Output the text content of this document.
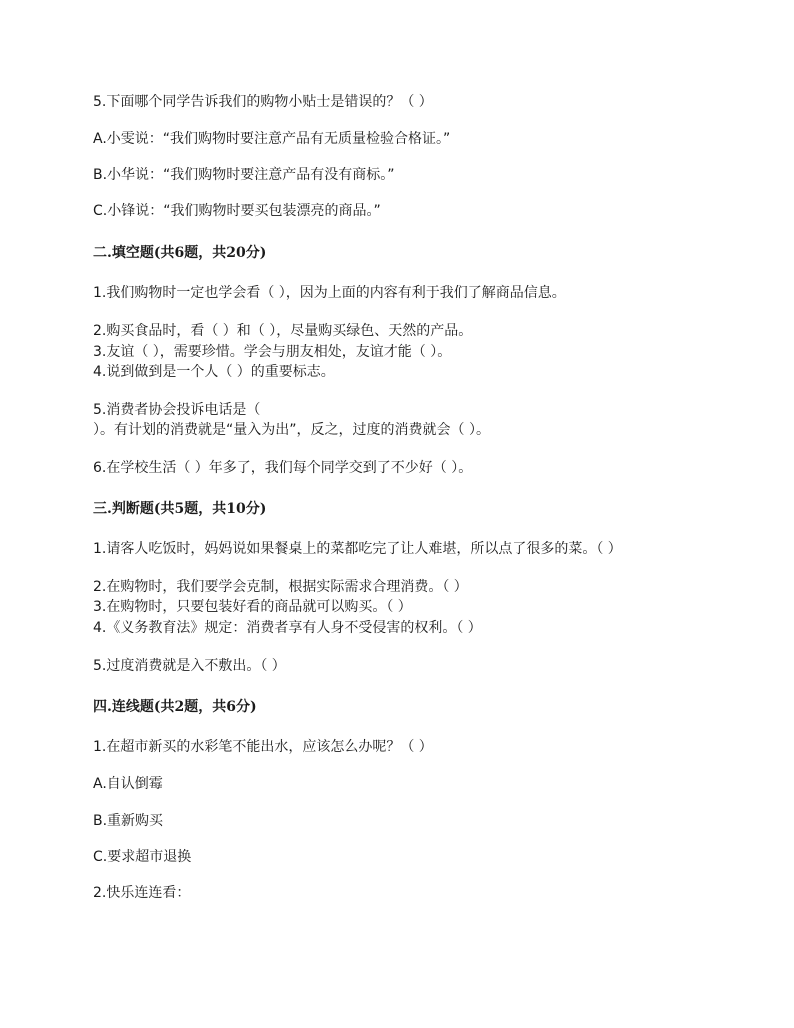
5.下面哪个同学告诉我们的购物小贴士是错误的？（ ）
A.小雯说：“我们购物时要注意产品有无质量检验合格证。”
B.小华说：“我们购物时要注意产品有没有商标。”
C.小锋说：“我们购物时要买包装漂亮的商品。”
二.填空题(共6题，共20分)
1.我们购物时一定也学会看（ ），因为上面的内容有利于我们了解商品信息。
2.购买食品时，看（ ）和（ ），尽量购买绿色、天然的产品。
3.友谊（ ），需要珍惜。学会与朋友相处，友谊才能（ ）。
4.说到做到是一个人（ ）的重要标志。
5.消费者协会投诉电话是（
）。有计划的消费就是“量入为出”，反之，过度的消费就会（ ）。
6.在学校生活（ ）年多了，我们每个同学交到了不少好（ ）。
三.判断题(共5题，共10分)
1.请客人吃饭时，妈妈说如果餐桌上的菜都吃完了让人难堪，所以点了很多的菜。（ ）
2.在购物时，我们要学会克制，根据实际需求合理消费。（ ）
3.在购物时，只要包装好看的商品就可以购买。（ ）
4.《义务教育法》规定：消费者享有人身不受侵害的权利。（ ）
5.过度消费就是入不敷出。（ ）
四.连线题(共2题，共6分)
1.在超市新买的水彩笔不能出水，应该怎么办呢？（ ）
A.自认倒霉
B.重新购买
C.要求超市退换
2.快乐连连看：
